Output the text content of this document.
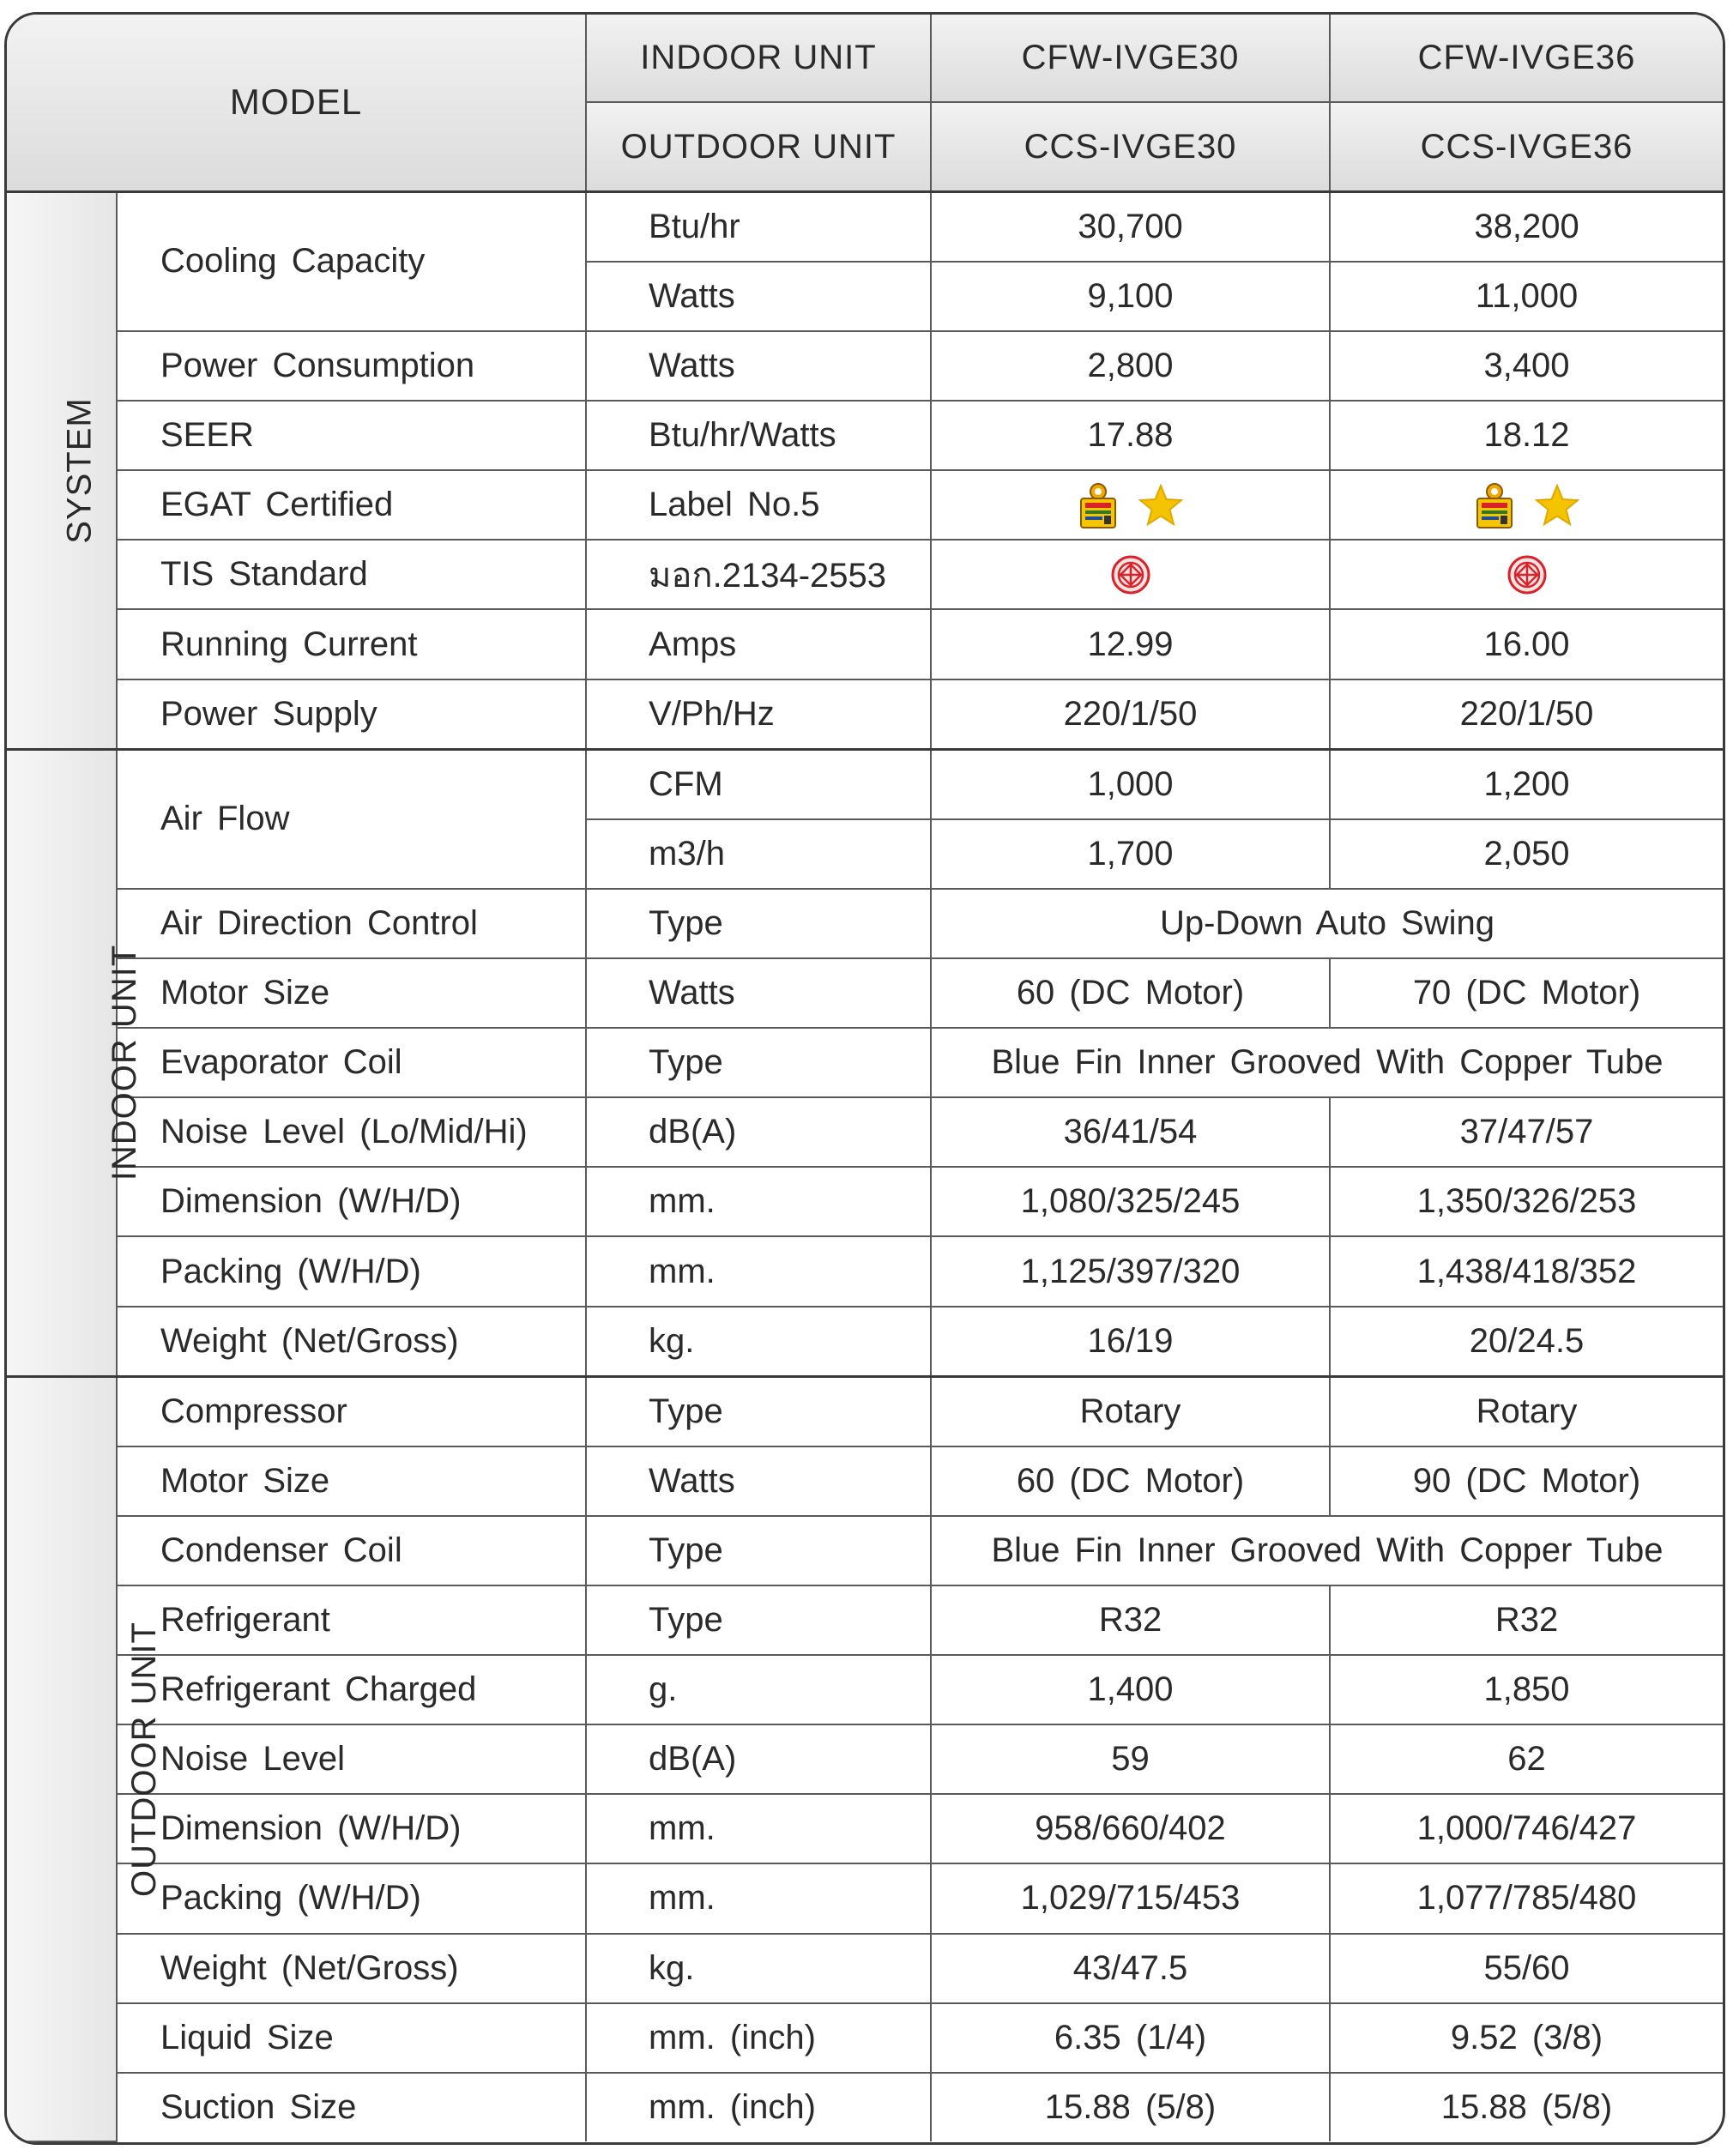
MODEL		INDOOR UNIT	CFW-IVGE30	CFW-IVGE36
		OUTDOOR UNIT	CCS-IVGE30	CCS-IVGE36
SYSTEM	Cooling Capacity	Btu/hr	30,700	38,200
		Watts	9,100	11,000
	Power Consumption	Watts	2,800	3,400
	SEER	Btu/hr/Watts	17.88	18.12
	EGAT Certified	Label No.5	

	TIS Standard	มอก.2134-2553		
	Running Current	Amps	12.99	16.00
	Power Supply	V/Ph/Hz	220/1/50	220/1/50
INDOOR UNIT	Air Flow	CFM	1,000	1,200
		m3/h	1,700	2,050
	Air Direction Control	Type	Up-Down Auto Swing	
	Motor Size	Watts	60 (DC Motor)	70 (DC Motor)
	Evaporator Coil	Type	Blue Fin Inner Grooved With Copper Tube	
	Noise Level (Lo/Mid/Hi)	dB(A)	36/41/54	37/47/57
	Dimension (W/H/D)	mm.	1,080/325/245	1,350/326/253
	Packing (W/H/D)	mm.	1,125/397/320	1,438/418/352
	Weight (Net/Gross)	kg.	16/19	20/24.5
OUTDOOR UNIT	Compressor	Type	Rotary	Rotary
	Motor Size	Watts	60 (DC Motor)	90 (DC Motor)
	Condenser Coil	Type	Blue Fin Inner Grooved With Copper Tube	
	Refrigerant	Type	R32	R32
	Refrigerant Charged	g.	1,400	1,850
	Noise Level	dB(A)	59	62
	Dimension (W/H/D)	mm.	958/660/402	1,000/746/427
	Packing (W/H/D)	mm.	1,029/715/453	1,077/785/480
	Weight (Net/Gross)	kg.	43/47.5	55/60
	Liquid Size	mm. (inch)	6.35 (1/4)	9.52 (3/8)
	Suction Size	mm. (inch)	15.88 (5/8)	15.88 (5/8)
